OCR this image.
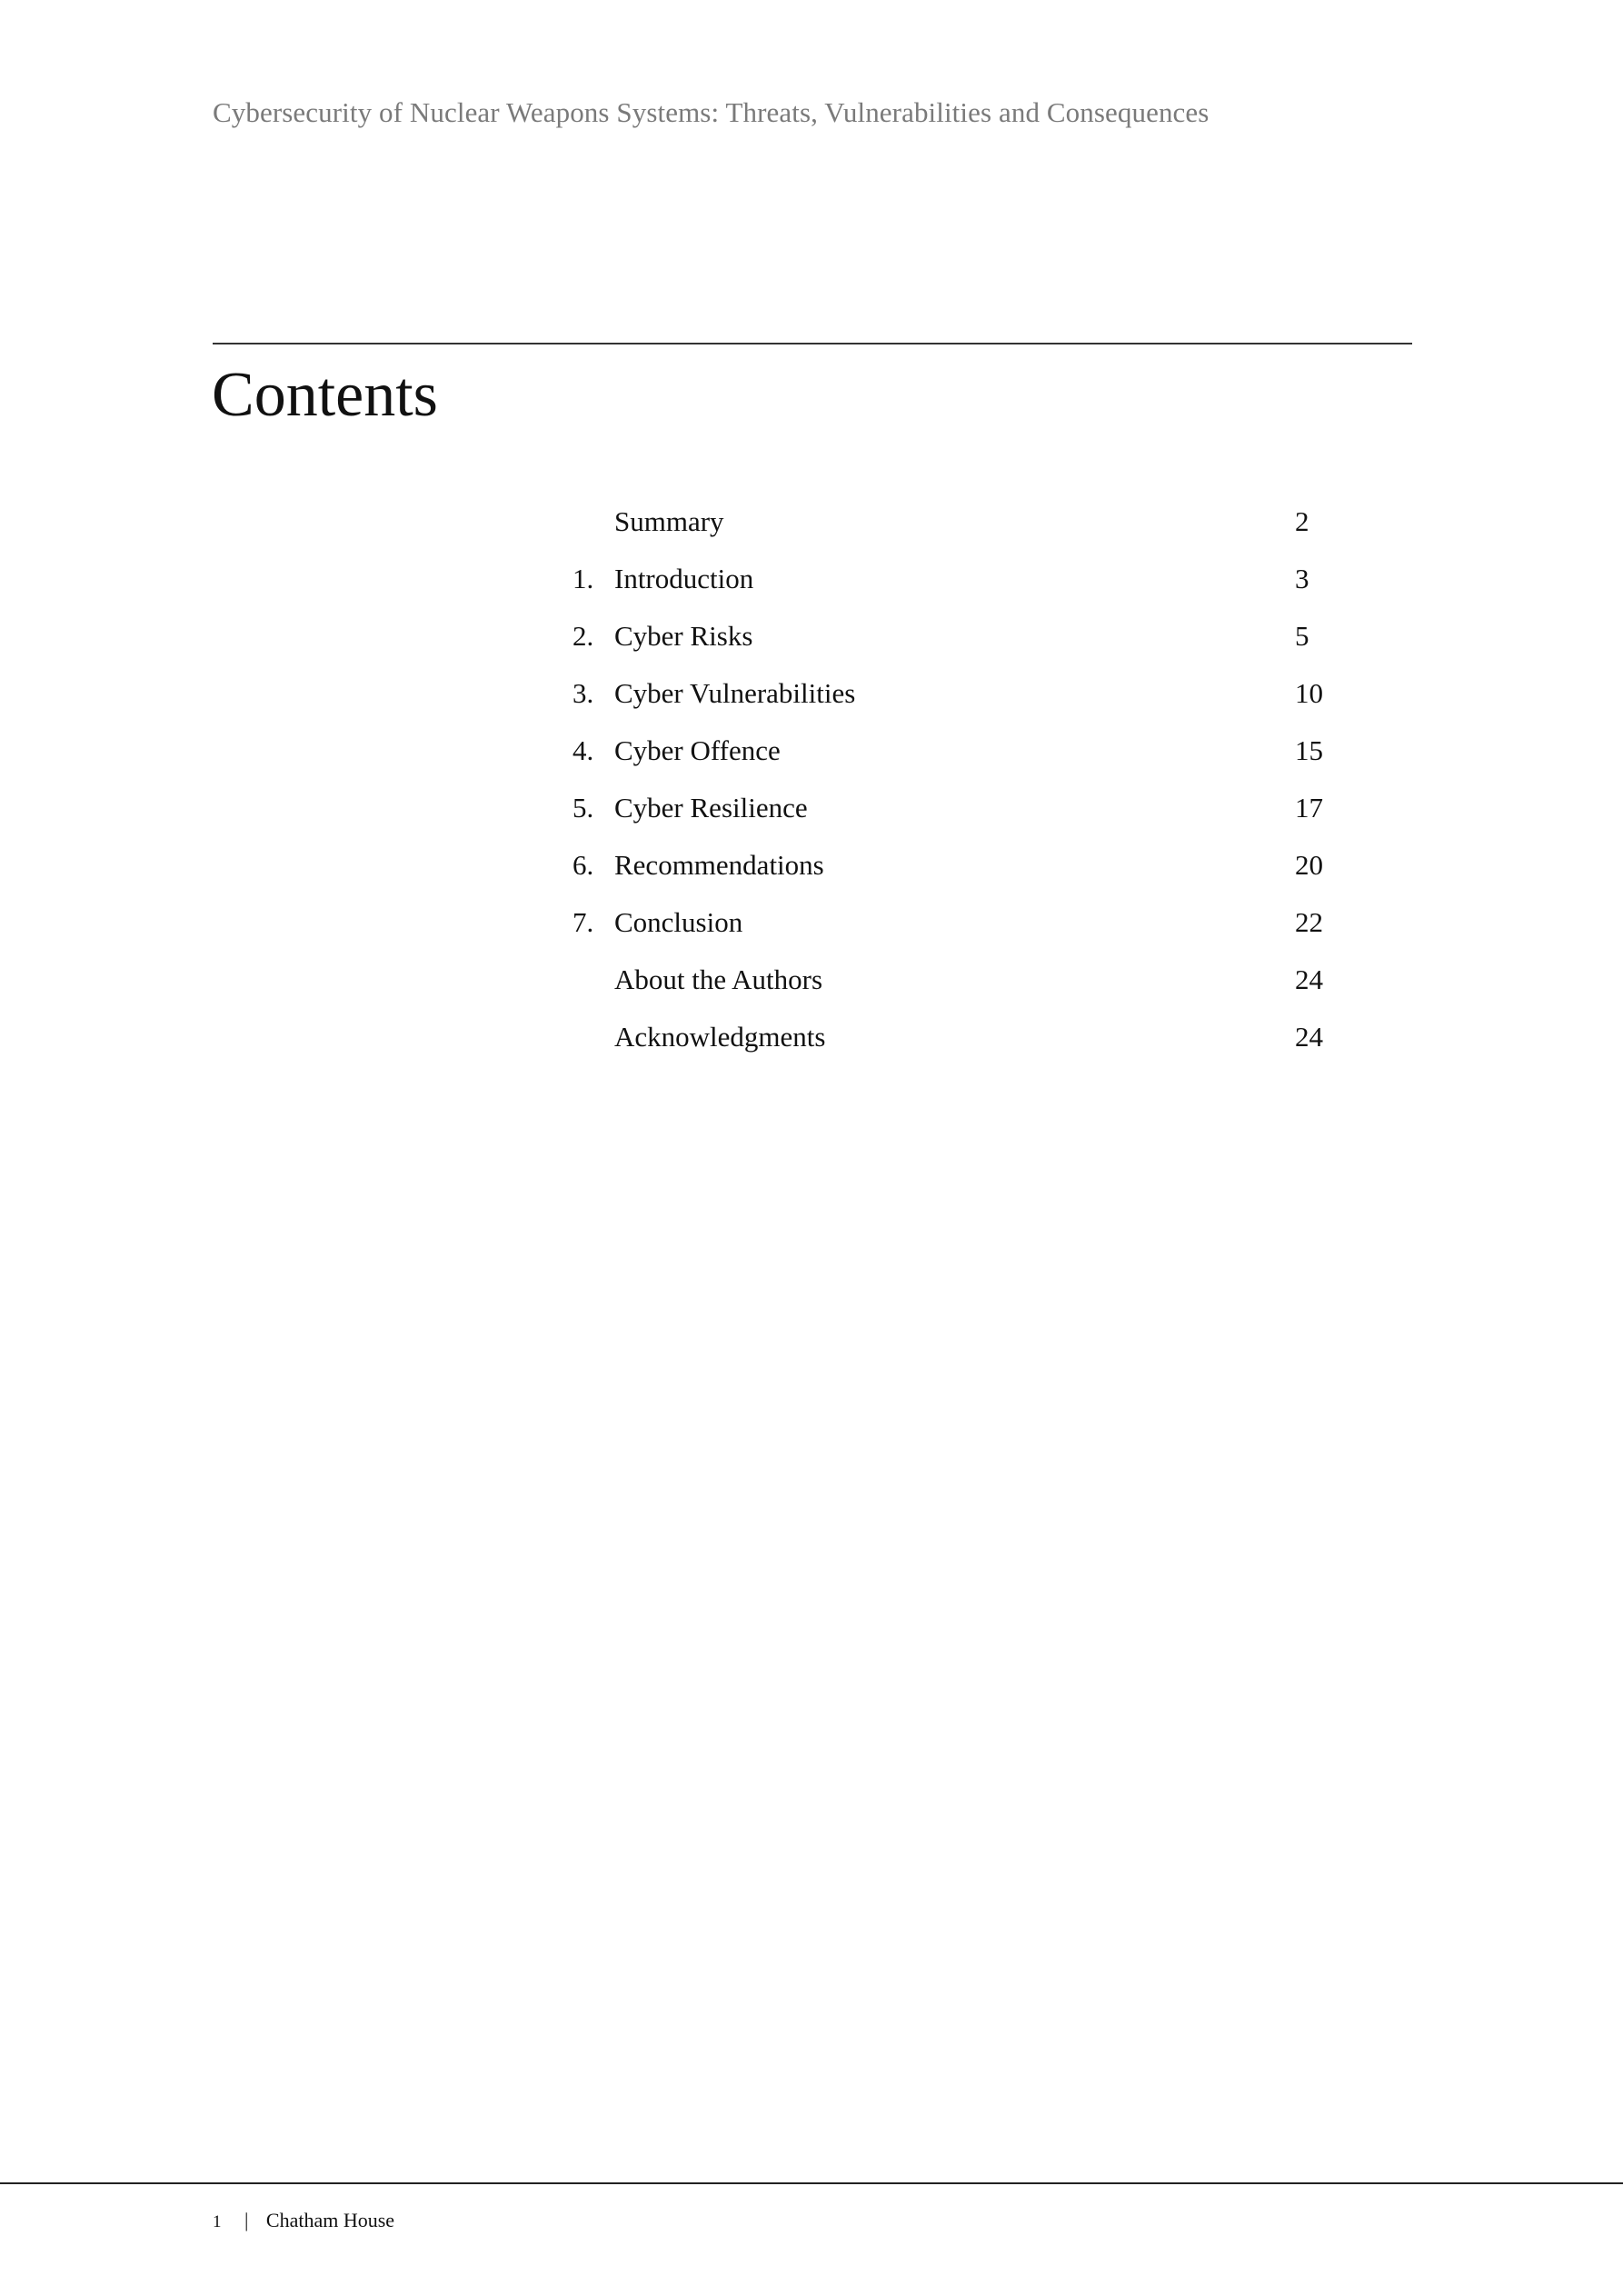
Cybersecurity of Nuclear Weapons Systems: Threats, Vulnerabilities and Consequences
Contents
Summary	2
1. Introduction	3
2. Cyber Risks	5
3. Cyber Vulnerabilities	10
4. Cyber Offence	15
5. Cyber Resilience	17
6. Recommendations	20
7. Conclusion	22
About the Authors	24
Acknowledgments	24
1 | Chatham House
